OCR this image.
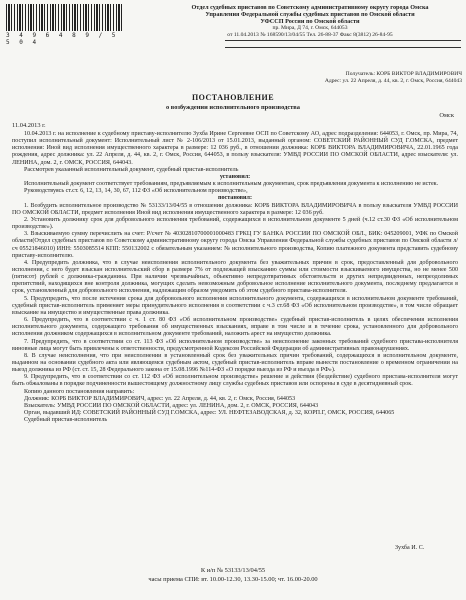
3 4 9 6 4 8 9 / 5 5 0 4
Отдел судебных приставов по Советскому административному округу города Омска
Управления Федеральной службы судебных приставов по Омской области
УФССП России по Омской области
пр. Мира, Д 74, г. Омск, 644053
от 11.04.2013 № 168590/13/04/55 Тел. 26-88-37 Факс 8(3812) 26-84-95
Получатель: КОРБ ВИКТОР ВЛАДИМИРОВИЧ
Адрес: ул. 22 Апреля, д. 44, кв. 2, г. Омск, Россия, 644043
ПОСТАНОВЛЕНИЕ
о возбуждении исполнительного производства
Омск
11.04.2013 г.

10.04.2013 г. на исполнение к судебному приставу-исполнителю Зухба Ирине Сергеевне ОСП по Советскому АО, адрес подразделения: 644053, г. Омск, пр. Мира, 74, поступил исполнительный документ: Исполнительный лист № 2-106/2013 от 15.01.2013, выданный органом: СОВЕТСКИЙ РАЙОННЫЙ СУД Г.ОМСКА, предмет исполнения: Иной вид исполнения имущественного характера в размере: 12 036 руб., в отношении должника: КОРБ ВИКТОРА ВЛАДИМИРОВИЧА, 22.01.1965 года рождения, адрес должника: ул. 22 Апреля, д. 44, кв. 2, г. Омск, Россия, 644053, в пользу взыскателя: УМВД РОССИИ ПО ОМСКОЙ ОБЛАСТИ, адрес взыскателя: ул. ЛЕНИНА, дом. 2, г. ОМСК, РОССИЯ, 644043.

Рассмотрев указанный исполнительный документ, судебный пристав-исполнитель

установил:

Исполнительный документ соответствует требованиям, предъявляемым к исполнительным документам, срок предъявления документа к исполнению не истек.

Руководствуясь ст.ст. 6, 12, 13, 14, 30, 67, 112 ФЗ «Об исполнительном производстве»,

постановил:

1. Возбудить исполнительное производство № 53133/13/04/55 в отношении должника: КОРБ ВИКТОРА ВЛАДИМИРОВИЧА в пользу взыскателя УМВД РОССИИ ПО ОМСКОЙ ОБЛАСТИ, предмет исполнения Иной вид исполнения имущественного характера в размере: 12 036 руб.

2. Установить должнику срок для добровольного исполнения требований, содержащихся в исполнительном документе 5 дней (ч.12 ст.30 ФЗ «Об исполнительном производстве»).

3. Взыскиваемую сумму перечислить на счет: Р/счет № 40302810700001000483 ГРКЦ ГУ БАНКА РОССИИ ПО ОМСКОЙ ОБЛ., БИК: 045209001, УФК по Омской области(Отдел судебных приставов по Советскому административному округу города Омска Управления Федеральной службы судебных приставов по Омской области л/сч 05521846010) ИНН: 5503085514 КПП: 550132002 с обязательным указанием: № исполнительного производства, Копию платежного документа представить судебному приставу-исполнителю.

4. Предупредить должника, что в случае неисполнения исполнительного документа без уважительных причин в срок, предоставленный для добровольного исполнения, с него будет взыскан исполнительский сбор в размере 7% от подлежащей взысканию суммы или стоимости взыскиваемого имущества, но не менее 500 (пятисот) рублей с должника-гражданина. При наличии чрезвычайных, объективно непредотвратимых обстоятельств и других непредвиденных, непреодолимых препятствий, находящихся вне контроля должника, могущих сделать невозможным добровольное исполнение исполнительного документа, последнему предлагается в срок, установленный для добровольного исполнения, надлежащим образом уведомить об этом судебного пристава-исполнителя.

5. Предупредить, что после истечения срока для добровольного исполнения исполнительного документа, содержащихся в исполнительном документе требований, судебный пристав-исполнитель применяет меры принудительного исполнения в соответствии с ч.3 ст.68 ФЗ «Об исполнительном производстве», в том числе обращает взыскание на имущество и имущественные права должника.

6. Предупредить, что в соответствии с ч. 1 ст. 80 ФЗ «Об исполнительном производстве» судебный пристав-исполнитель в целях обеспечения исполнения исполнительного документа, содержащего требования об имущественных взысканиях, вправе в том числе и в течение срока, установленного для добровольного исполнения должником содержащихся в исполнительном документе требований, наложить арест на имущество должника.

7. Предупредить, что в соответствии со ст. 113 ФЗ «Об исполнительном производстве» за неисполнение законных требований судебного пристава-исполнителя виновные лица могут быть привлечены к ответственности, предусмотренной Кодексом Российской Федерации об административных правонарушениях.

8. В случае неисполнения, что при неисполнении в установленный срок без уважительных причин требований, содержащихся в исполнительном документе, выданном на основании судебного акта или являющемся судебным актом, судебный пристав-исполнитель вправе вынести постановление о временном ограничении на выезд должника из РФ (ст. ст. 15, 28 Федерального закона от 15.08.1996 №114-ФЗ «О порядке выезда из РФ и въезда в РФ»).

9. Предупредить, что в соответствии со ст. 112 ФЗ «Об исполнительном производстве» решение и действия (бездействие) судебного пристава-исполнителя могут быть обжалованы в порядке подчиненности вышестоящему должностному лицу службы судебных приставов или оспорены в суде в десятидневный срок.

Копию данного постановления направить:

Должник: КОРБ ВИКТОР ВЛАДИМИРОВИЧ, адрес: ул. 22 Апреля, д. 44, кв. 2, г. Омск, Россия, 644053

Взыскатель: УМВД РОССИИ ПО ОМСКОЙ ОБЛАСТИ, адрес: ул. ЛЕНИНА, дом. 2, г. ОМСК, РОССИЯ, 644043

Орган, выдавший ИД: СОВЕТСКИЙ РАЙОННЫЙ СУД Г.ОМСКА, адрес: УЛ. НЕФТЕЗАВОДСКАЯ, д. 32, КОРП.Г, ОМСК, РОССИЯ, 644065

Судебный пристав-исполнитель

Зухба И. С.
К и/п № 53133/13/04/55
часы приема СПИ: вт. 10.00-12.30, 13.30-15.00; чт. 16.00-20.00
